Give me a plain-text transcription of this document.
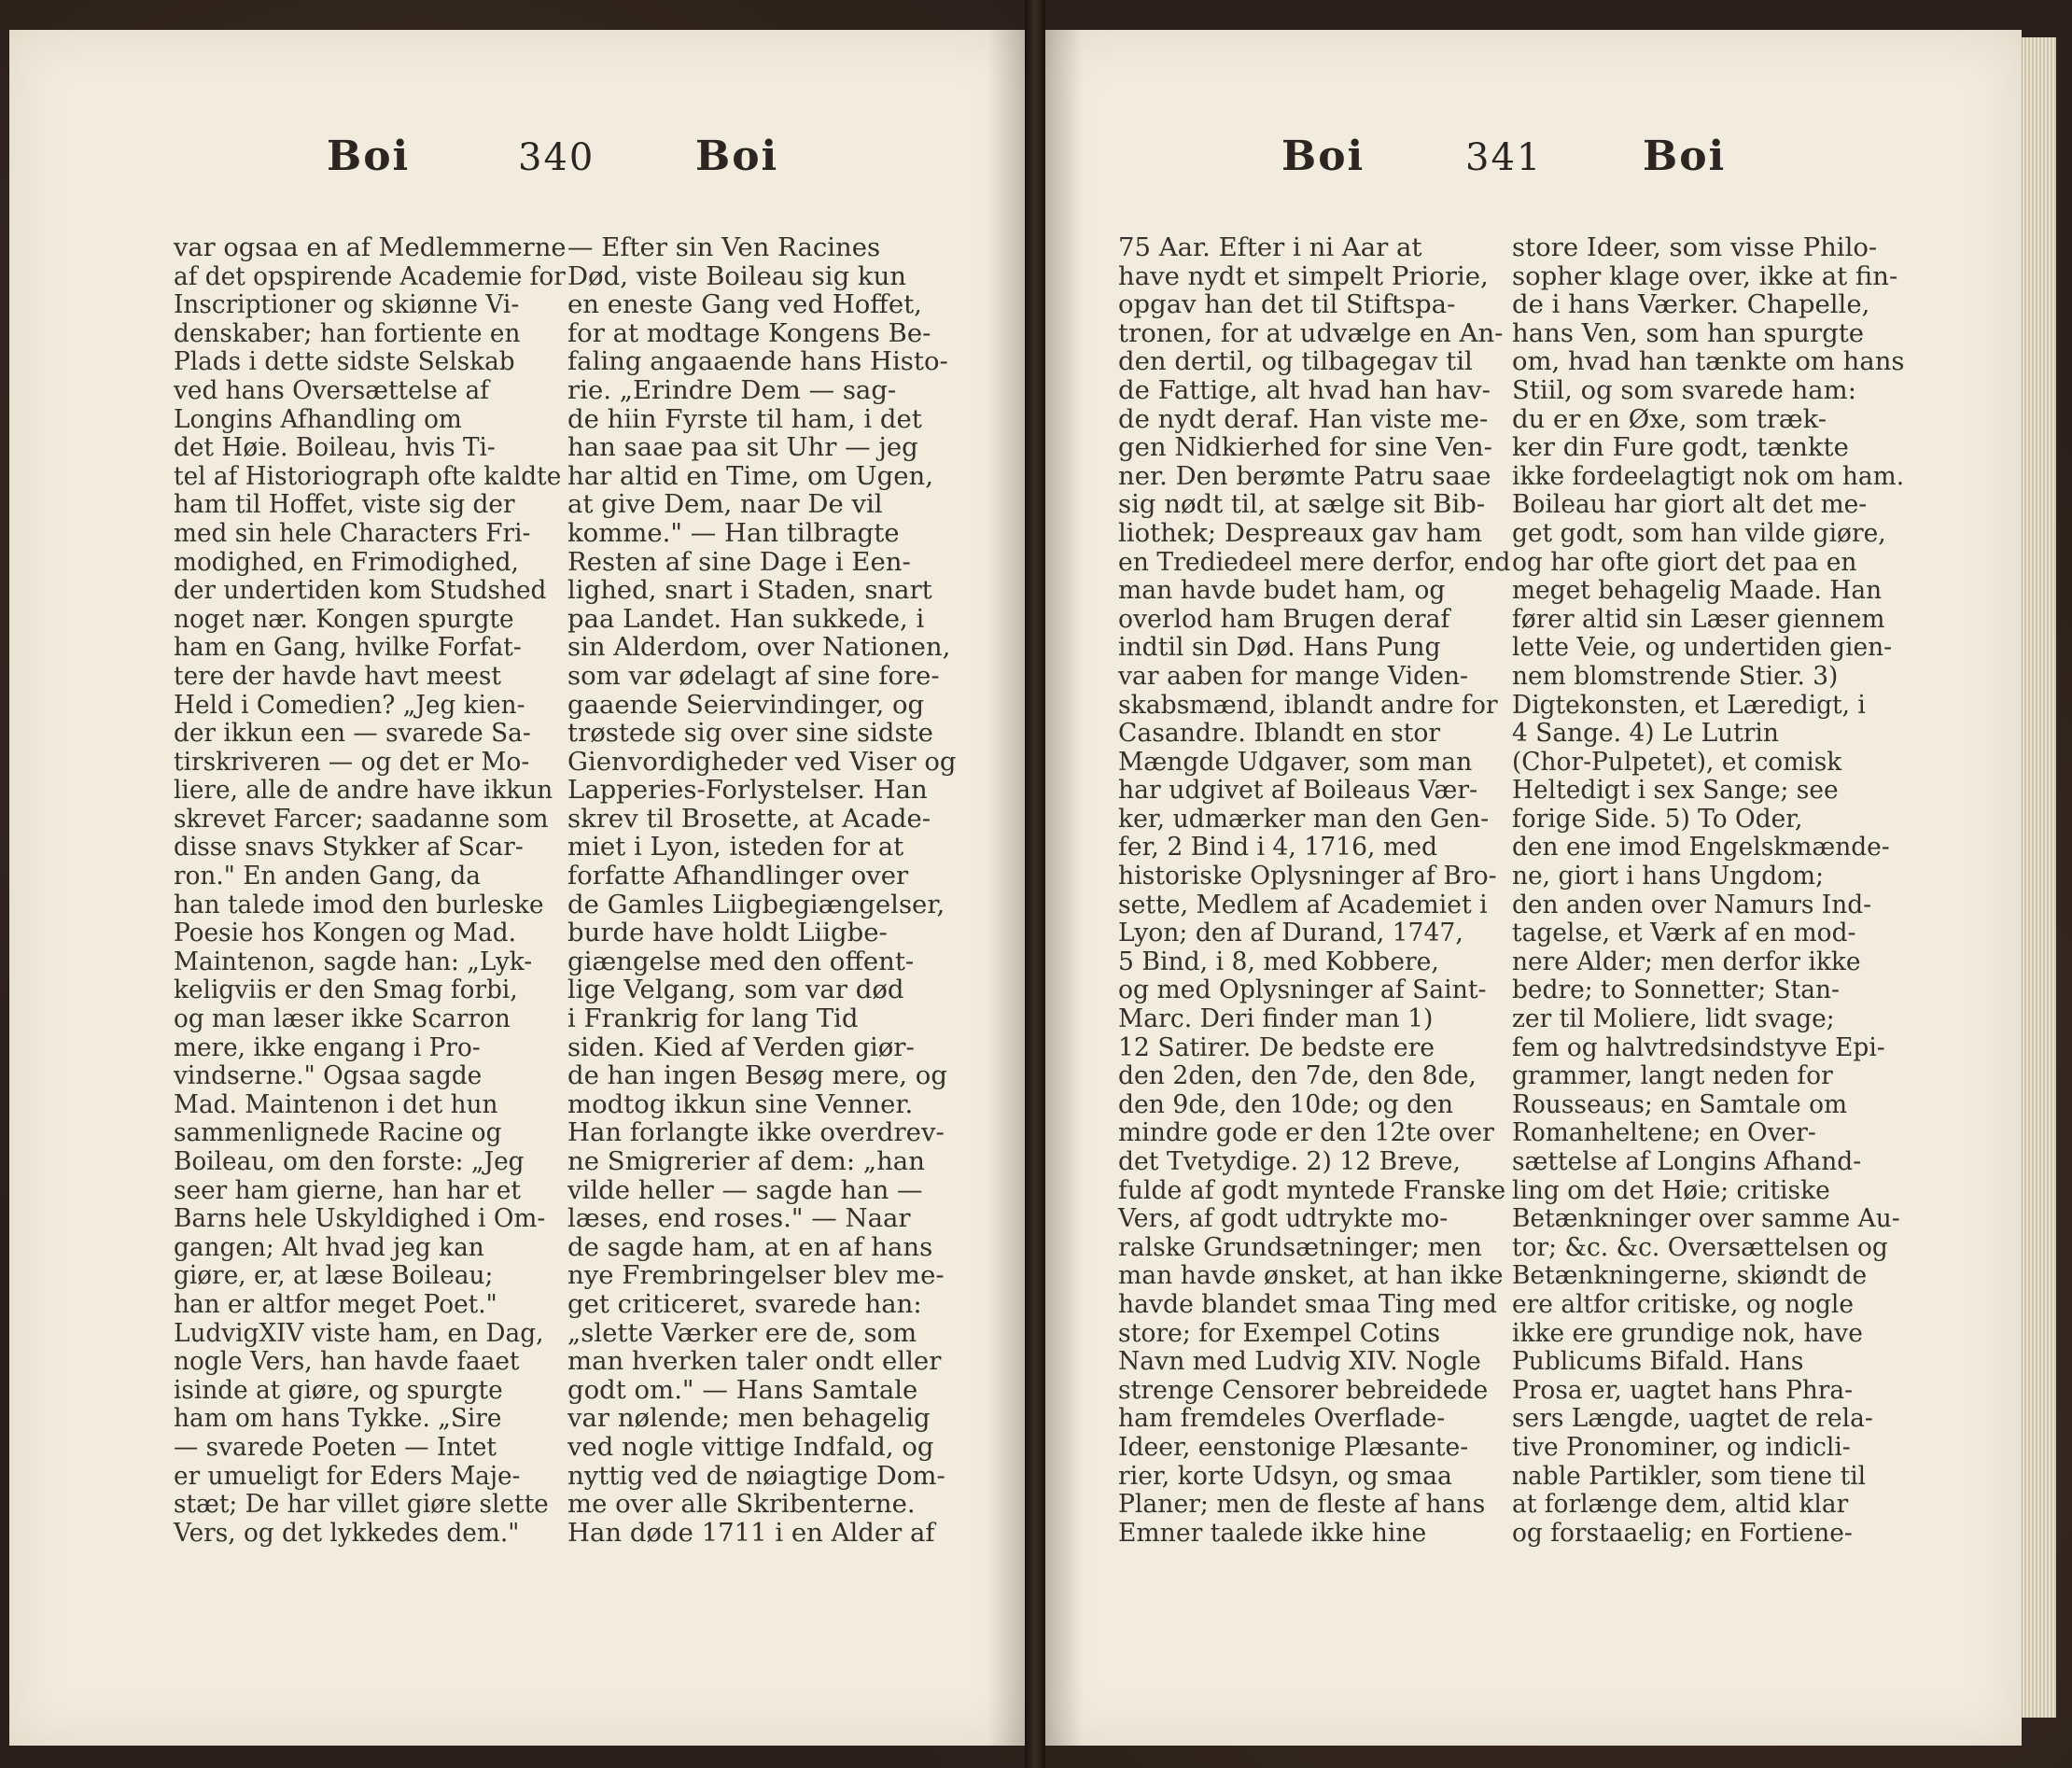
Boi	340 Boi
var ogsaa en af Medlemmerne
af det opspirende Academie for
Inscriptioner og skiønne Vi-
denskaber; han fortiente en
Plads i dette sidste Selskab
ved hans Oversættelse af
Longins Afhandling om
det Høie. Boileau, hvis Ti-
tel af Historiograph ofte kaldte
ham til Hoffet, viste sig der
med sin hele Characters Fri-
modighed, en Frimodighed,
der undertiden kom Studshed
noget nær. Kongen spurgte
ham en Gang, hvilke Forfat-
tere der havde havt meest
Held i Comedien? „Jeg kien-
der ikkun een — svarede Sa-
tirskriveren — og det er Mo-
liere, alle de andre have ikkun
skrevet Farcer; saadanne som
disse snavs Stykker af Scar-
ron." En anden Gang, da
han talede imod den burleske
Poesie hos Kongen og Mad.
Maintenon, sagde han: „Lyk-
keligviis er den Smag forbi,
og man læser ikke Scarron
mere, ikke engang i Pro-
vindserne." Ogsaa sagde
Mad. Maintenon i det hun
sammenlignede Racine og
Boileau, om den forste: „Jeg
seer ham gierne, han har et
Barns hele Uskyldighed i Om-
gangen; Alt hvad jeg kan
giøre, er, at læse Boileau;
han er altfor meget Poet."
LudvigXIV viste ham, en Dag,
nogle Vers, han havde faaet
isinde at giøre, og spurgte
ham om hans Tykke. „Sire
— svarede Poeten — Intet
er umueligt for Eders Maje-
stæt; De har villet giøre slette
Vers, og det lykkedes dem."
— Efter sin Ven Racines
Død, viste Boileau sig kun
en eneste Gang ved Hoffet,
for at modtage Kongens Be-
faling angaaende hans Histo-
rie. „Erindre Dem — sag-
de hiin Fyrste til ham, i det
han saae paa sit Uhr — jeg
har altid en Time, om Ugen,
at give Dem, naar De vil
komme." — Han tilbragte
Resten af sine Dage i Een-
lighed, snart i Staden, snart
paa Landet. Han sukkede, i
sin Alderdom, over Nationen,
som var ødelagt af sine fore-
gaaende Seiervindinger, og
trøstede sig over sine sidste
Gienvordigheder ved Viser og
Lapperies-Forlystelser. Han
skrev til Brosette, at Acade-
miet i Lyon, isteden for at
forfatte Afhandlinger over
de Gamles Liigbegiængelser,
burde have holdt Liigbe-
giængelse med den offent-
lige Velgang, som var død
i Frankrig for lang Tid
siden. Kied af Verden giør-
de han ingen Besøg mere, og
modtog ikkun sine Venner.
Han forlangte ikke overdrev-
ne Smigrerier af dem: „han
vilde heller — sagde han —
læses, end roses." — Naar
de sagde ham, at en af hans
nye Frembringelser blev me-
get criticeret, svarede han:
„slette Værker ere de, som
man hverken taler ondt eller
godt om." — Hans Samtale
var nølende; men behagelig
ved nogle vittige Indfald, og
nyttig ved de nøiagtige Dom-
me over alle Skribenterne.
Han døde 1711 i en Alder af
Boi	341 Boi
75 Aar. Efter i ni Aar at
have nydt et simpelt Priorie,
opgav han det til Stiftspa-
tronen, for at udvælge en An-
den dertil, og tilbagegav til
de Fattige, alt hvad han hav-
de nydt deraf. Han viste me-
gen Nidkierhed for sine Ven-
ner. Den berømte Patru saae
sig nødt til, at sælge sit Bib-
liothek; Despreaux gav ham
en Trediedeel mere derfor, end
man havde budet ham, og
overlod ham Brugen deraf
indtil sin Død. Hans Pung
var aaben for mange Viden-
skabsmænd, iblandt andre for
Casandre. Iblandt en stor
Mængde Udgaver, som man
har udgivet af Boileaus Vær-
ker, udmærker man den Gen-
fer, 2 Bind i 4, 1716, med
historiske Oplysninger af Bro-
sette, Medlem af Academiet i
Lyon; den af Durand, 1747,
5 Bind, i 8, med Kobbere,
og med Oplysninger af Saint-
Marc. Deri finder man 1)
12 Satirer. De bedste ere
den 2den, den 7de, den 8de,
den 9de, den 10de; og den
mindre gode er den 12te over
det Tvetydige. 2) 12 Breve,
fulde af godt myntede Franske
Vers, af godt udtrykte mo-
ralske Grundsætninger; men
man havde ønsket, at han ikke
havde blandet smaa Ting med
store; for Exempel Cotins
Navn med Ludvig XIV. Nogle
strenge Censorer bebreidede
ham fremdeles Overflade-
Ideer, eenstonige Plæsante-
rier, korte Udsyn, og smaa
Planer; men de fleste af hans
Emner taalede ikke hine
store Ideer, som visse Philo-
sopher klage over, ikke at fin-
de i hans Værker. Chapelle,
hans Ven, som han spurgte
om, hvad han tænkte om hans
Stiil, og som svarede ham:
du er en Øxe, som træk-
ker din Fure godt, tænkte
ikke fordeelagtigt nok om ham.
Boileau har giort alt det me-
get godt, som han vilde giøre,
og har ofte giort det paa en
meget behagelig Maade. Han
fører altid sin Læser giennem
lette Veie, og undertiden gien-
nem blomstrende Stier. 3)
Digtekonsten, et Læredigt, i
4 Sange. 4) Le Lutrin
(Chor-Pulpetet), et comisk
Heltedigt i sex Sange; see
forige Side. 5) To Oder,
den ene imod Engelskmænde-
ne, giort i hans Ungdom;
den anden over Namurs Ind-
tagelse, et Værk af en mod-
nere Alder; men derfor ikke
bedre; to Sonnetter; Stan-
zer til Moliere, lidt svage;
fem og halvtredsindstyve Epi-
grammer, langt neden for
Rousseaus; en Samtale om
Romanheltene; en Over-
sættelse af Longins Afhand-
ling om det Høie; critiske
Betænkninger over samme Au-
tor; &c. &c. Oversættelsen og
Betænkningerne, skiøndt de
ere altfor critiske, og nogle
ikke ere grundige nok, have
Publicums Bifald. Hans
Prosa er, uagtet hans Phra-
sers Længde, uagtet de rela-
tive Pronominer, og indicli-
nable Partikler, som tiene til
at forlænge dem, altid klar
og forstaaelig; en Fortiene-
